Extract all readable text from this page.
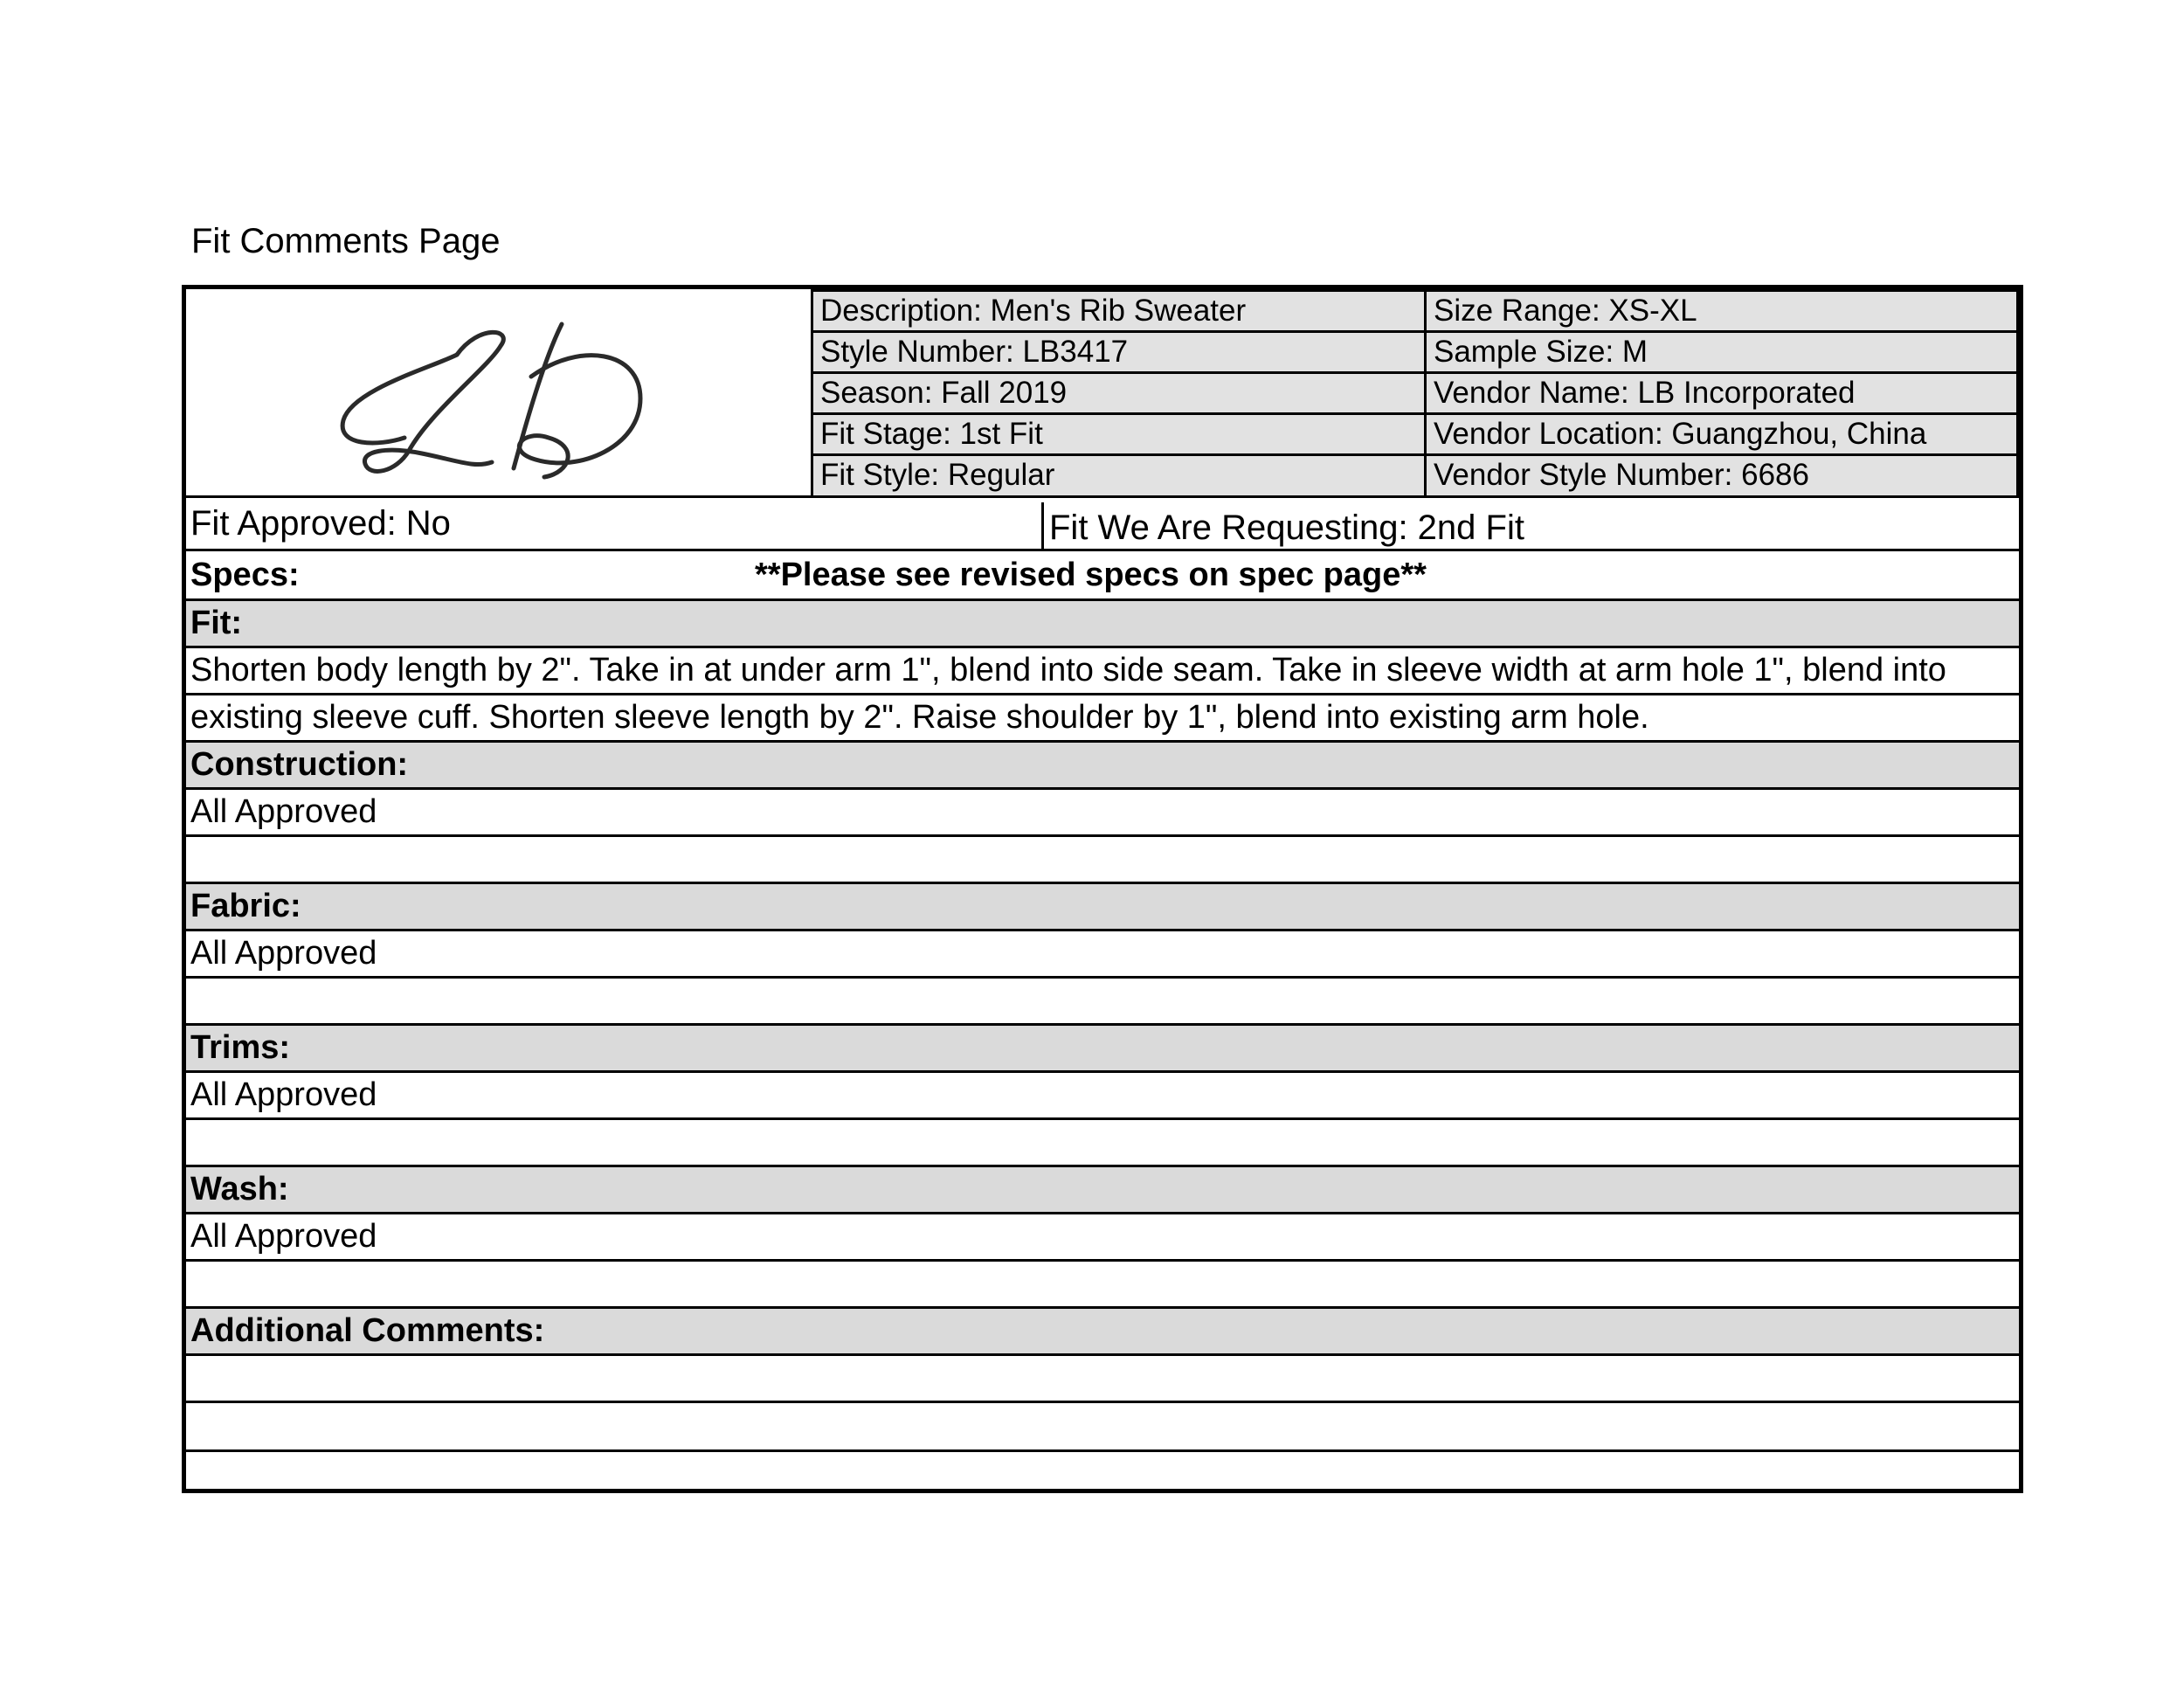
Fit Comments Page
Description: Men's Rib Sweater
Style Number: LB3417
Season: Fall 2019
Fit Stage: 1st Fit
Fit Style: Regular
Size Range: XS-XL
Sample Size: M
Vendor Name: LB Incorporated
Vendor Location: Guangzhou, China
Vendor Style Number: 6686
Fit Approved: No	Fit We Are Requesting: 2nd Fit
Specs:	**Please see revised specs on spec page**
Fit:
Shorten body length by 2". Take in at under arm 1", blend into side seam. Take in sleeve width at arm hole 1", blend into
existing sleeve cuff. Shorten sleeve length by 2". Raise shoulder by 1", blend into existing arm hole.
Construction:
All Approved
Fabric:
All Approved
Trims:
All Approved
Wash:
All Approved
Additional Comments:
